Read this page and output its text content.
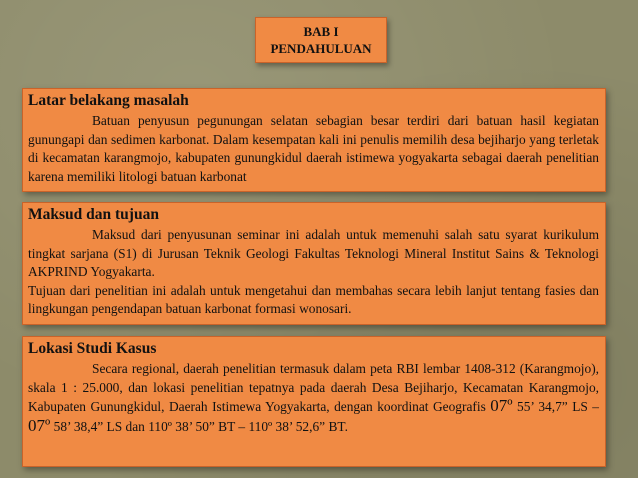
BAB I
PENDAHULUAN
Latar belakang masalah

Batuan penyusun pegunungan selatan sebagian besar terdiri dari batuan hasil kegiatan gunungapi dan sedimen karbonat. Dalam kesempatan kali ini penulis memilih desa bejiharjo yang terletak di kecamatan karangmojo, kabupaten gunungkidul daerah istimewa yogyakarta sebagai daerah penelitian karena memiliki litologi batuan karbonat

Maksud dan tujuan

Maksud dari penyusunan seminar ini adalah untuk memenuhi salah satu syarat kurikulum tingkat sarjana (S1) di Jurusan Teknik Geologi Fakultas Teknologi Mineral Institut Sains & Teknologi AKPRIND Yogyakarta.

Tujuan dari penelitian ini adalah untuk mengetahui dan membahas secara lebih lanjut tentang fasies dan lingkungan pengendapan batuan karbonat formasi wonosari.

Lokasi Studi Kasus

Secara regional, daerah penelitian termasuk dalam peta RBI lembar 1408-312 (Karangmojo), skala 1 : 25.000, dan lokasi penelitian tepatnya pada daerah Desa Bejiharjo, Kecamatan Karangmojo, Kabupaten Gunungkidul, Daerah Istimewa Yogyakarta, dengan koordinat Geografis 07º 55’ 34,7” LS – 07º 58’ 38,4” LS dan 110º 38’ 50” BT – 110º 38’ 52,6” BT.
